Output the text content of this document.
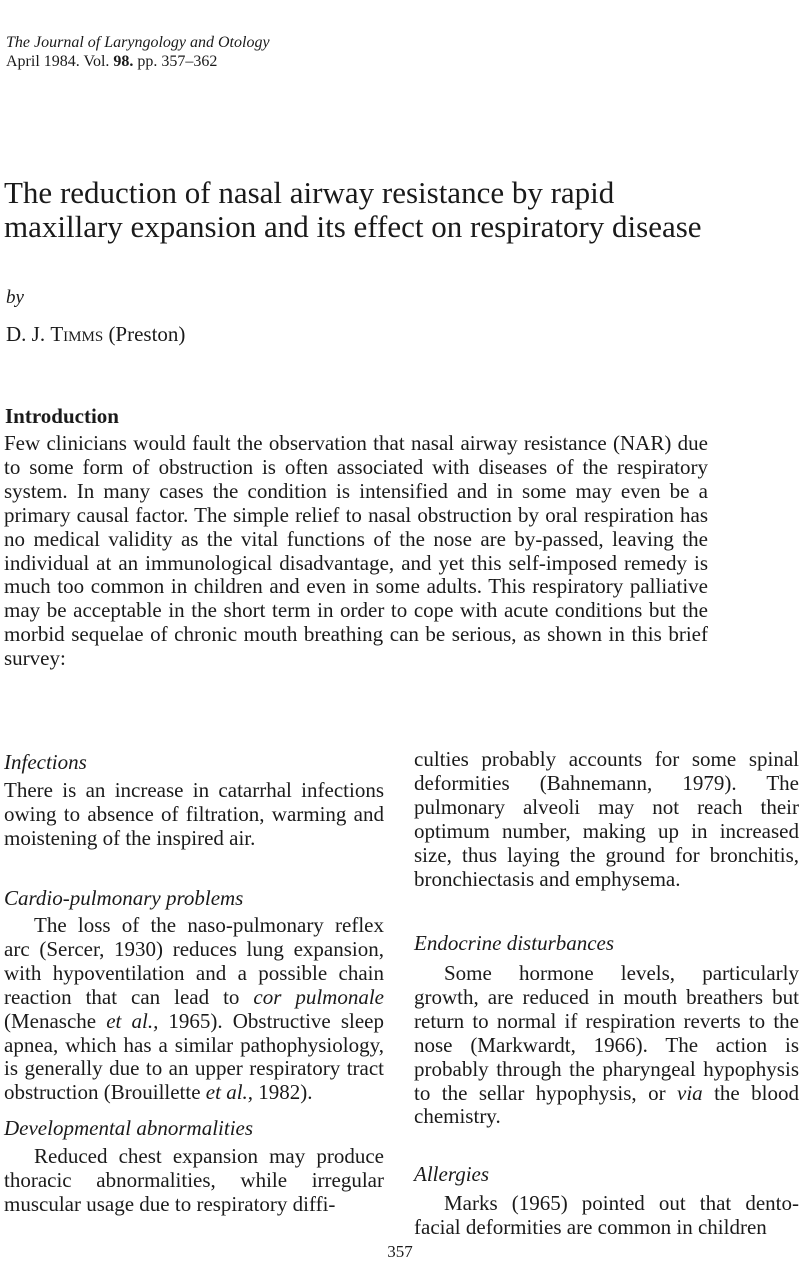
The Journal of Laryngology and Otology
April 1984. Vol. 98. pp. 357–362
The reduction of nasal airway resistance by rapid maxillary expansion and its effect on respiratory disease
by
D. J. Timms (Preston)
Introduction

Few clinicians would fault the observation that nasal airway resistance (NAR) due to some form of obstruction is often associated with diseases of the respiratory system. In many cases the condition is intensified and in some may even be a primary causal factor. The simple relief to nasal obstruction by oral respiration has no medical validity as the vital functions of the nose are by-passed, leaving the individual at an immunological disadvantage, and yet this self-imposed remedy is much too common in children and even in some adults. This respiratory palliative may be acceptable in the short term in order to cope with acute conditions but the morbid sequelae of chronic mouth breathing can be serious, as shown in this brief survey:

Infections

There is an increase in catarrhal infections owing to absence of filtration, warming and moistening of the inspired air.

Cardio-pulmonary problems

The loss of the naso-pulmonary reflex arc (Sercer, 1930) reduces lung expansion, with hypoventilation and a possible chain reaction that can lead to cor pulmonale (Menasche et al., 1965). Obstructive sleep apnea, which has a similar pathophysiology, is generally due to an upper respiratory tract obstruction (Brouillette et al., 1982).

Developmental abnormalities

Reduced chest expansion may produce thoracic abnormalities, while irregular muscular usage due to respiratory diffi-

culties probably accounts for some spinal deformities (Bahnemann, 1979). The pulmonary alveoli may not reach their optimum number, making up in increased size, thus laying the ground for bronchitis, bronchiectasis and emphysema.

Endocrine disturbances

Some hormone levels, particularly growth, are reduced in mouth breathers but return to normal if respiration reverts to the nose (Markwardt, 1966). The action is probably through the pharyngeal hypophysis to the sellar hypophysis, or via the blood chemistry.

Allergies

Marks (1965) pointed out that dento-facial deformities are common in children

357
